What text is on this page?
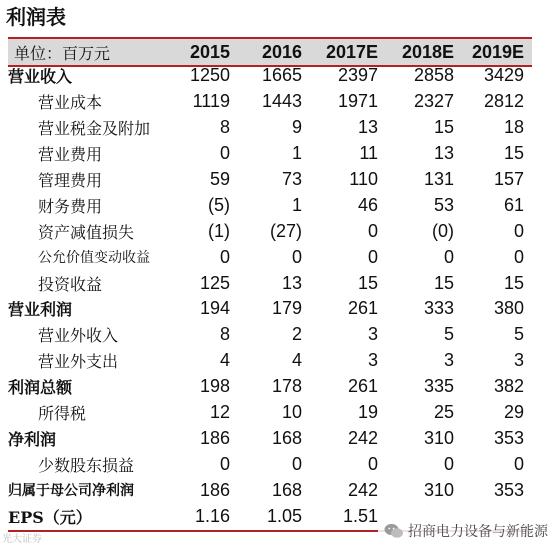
利润表
单位：百万元	2015	2016	2017E	2018E 2019E
营业收入	1250	1665	2397	2858	3429
营业成本	1119	1443	1971	2327	2812
营业税金及附加	8	9	13	15	18
营业费用	0	1	11	13	15
管理费用	59	73	110	131	157
财务费用	(5)	1	46	53	61
资产减值损失	(1)	(27)	0	(0)	0
公允价值变动收益	0	0	0	0	0
投资收益	125	13	15	15	15
营业利润	194	179	261	333	380
营业外收入	8	2	3	5	5
营业外支出	4	4	3	3	3
利润总额	198	178	261	335	382
所得税	12	10	19	25	29
净利润	186	168	242	310	353
少数股东损益	0	0	0	0	0
归属于母公司净利润	186	168	242	310	353
EPS（元）	1.16	1.05	1.51
光大证券
招商电力设备与新能源
